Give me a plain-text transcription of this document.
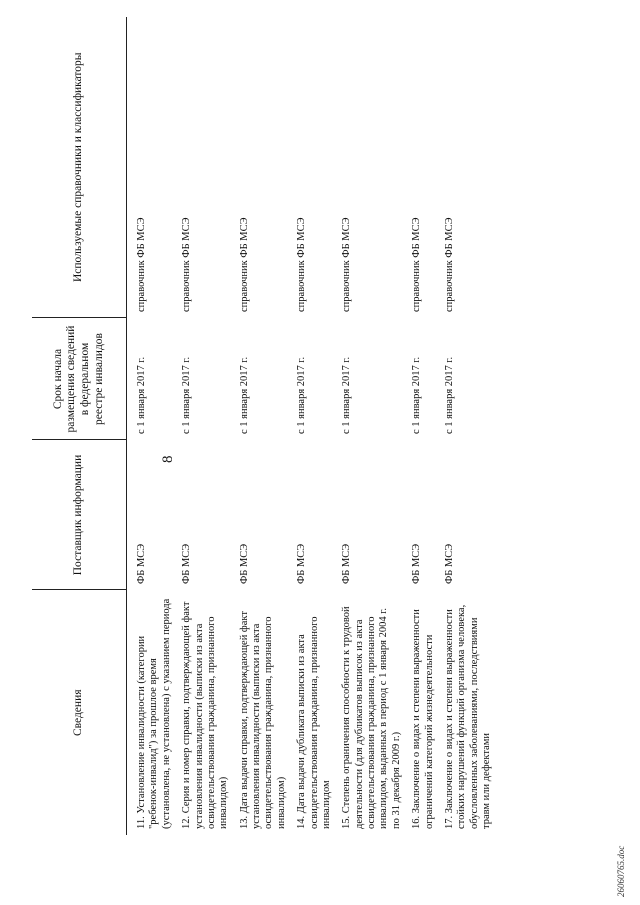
8
Сведения	Поставщик информации	Срок начала размещения сведений в федеральном реестре инвалидов	Используемые справочники и классификаторы
11. Установление инвалидности (категории "ребенок-инвалид") за прошлое время (установлена, не установлена) с указанием периода	ФБ МСЭ	с 1 января 2017 г.	справочник ФБ МСЭ
12. Серия и номер справки, подтверждающей факт установления инвалидности (выписки из акта освидетельствования гражданина, признанного инвалидом)	ФБ МСЭ	с 1 января 2017 г.	справочник ФБ МСЭ
13. Дата выдачи справки, подтверждающей факт установления инвалидности (выписки из акта освидетельствования гражданина, признанного инвалидом)	ФБ МСЭ	с 1 января 2017 г.	справочник ФБ МСЭ
14. Дата выдачи дубликата выписки из акта освидетельствования гражданина, признанного инвалидом	ФБ МСЭ	с 1 января 2017 г.	справочник ФБ МСЭ
15. Степень ограничения способности к трудовой деятельности (для дубликатов выписок из акта освидетельствования гражданина, признанного инвалидом, выданных в период с 1 января 2004 г. по 31 декабря 2009 г.)	ФБ МСЭ	с 1 января 2017 г.	справочник ФБ МСЭ
16. Заключение о видах и степени выраженности ограничений категорий жизнедеятельности	ФБ МСЭ	с 1 января 2017 г.	справочник ФБ МСЭ
17. Заключение о видах и степени выраженности стойких нарушений функций организма человека, обусловленных заболеваниями, последствиями травм или дефектами	ФБ МСЭ	с 1 января 2017 г.	справочник ФБ МСЭ
26060765.doc
